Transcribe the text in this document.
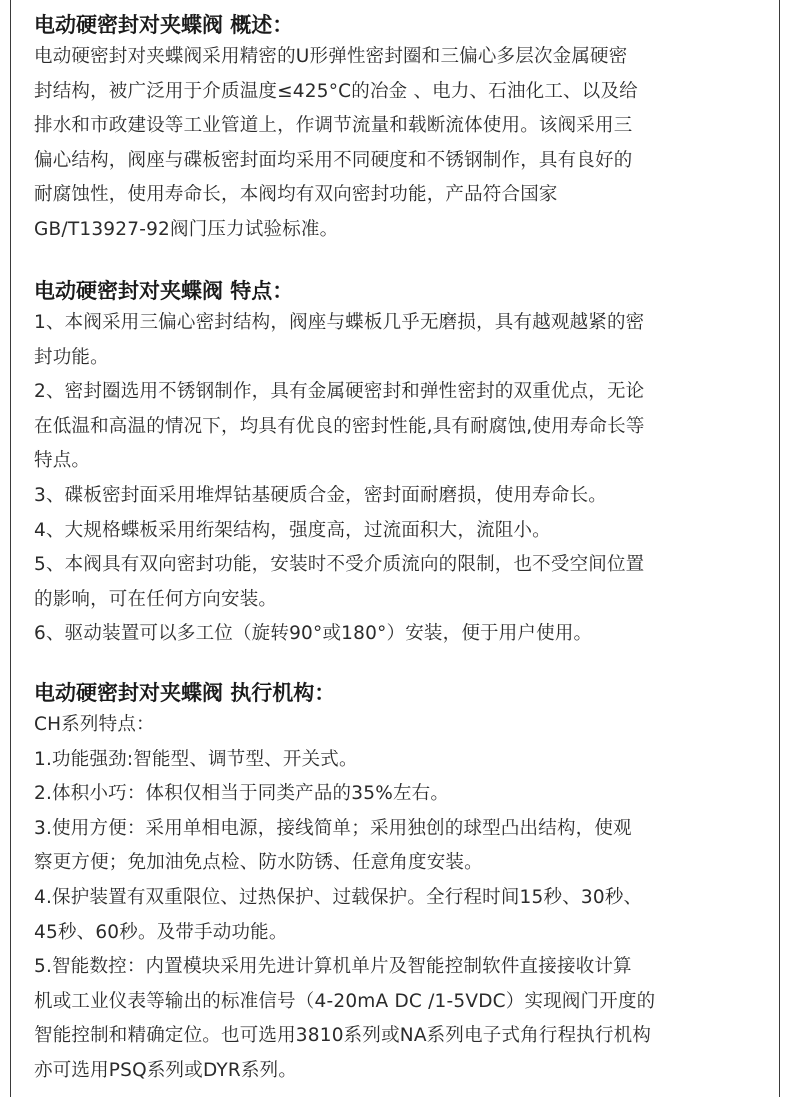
电动硬密封对夹蝶阀 概述：
电动硬密封对夹蝶阀采用精密的U形弹性密封圈和三偏心多层次金属硬密
封结构，被广泛用于介质温度≤425°C的冶金 、电力、石油化工、以及给
排水和市政建设等工业管道上，作调节流量和载断流体使用。该阀采用三
偏心结构，阀座与碟板密封面均采用不同硬度和不锈钢制作，具有良好的
耐腐蚀性，使用寿命长，本阀均有双向密封功能，产品符合国家
GB/T13927-92阀门压力试验标准。
电动硬密封对夹蝶阀 特点：
1、本阀采用三偏心密封结构，阀座与蝶板几乎无磨损，具有越观越紧的密
封功能。
2、密封圈选用不锈钢制作，具有金属硬密封和弹性密封的双重优点，无论
在低温和高温的情况下，均具有优良的密封性能,具有耐腐蚀,使用寿命长等
特点。
3、碟板密封面采用堆焊钴基硬质合金，密封面耐磨损，使用寿命长。
4、大规格蝶板采用绗架结构，强度高，过流面积大，流阻小。
5、本阀具有双向密封功能，安装时不受介质流向的限制，也不受空间位置
的影响，可在任何方向安装。
6、驱动装置可以多工位（旋转90°或180°）安装，便于用户使用。
电动硬密封对夹蝶阀 执行机构：
CH系列特点：
1.功能强劲:智能型、调节型、开关式。
2.体积小巧：体积仅相当于同类产品的35%左右。
3.使用方便：采用单相电源，接线简单；采用独创的球型凸出结构，使观
察更方便；免加油免点检、防水防锈、任意角度安装。
4.保护装置有双重限位、过热保护、过载保护。全行程时间15秒、30秒、
45秒、60秒。及带手动功能。
5.智能数控：内置模块采用先进计算机单片及智能控制软件直接接收计算
机或工业仪表等输出的标准信号（4-20mA DC /1-5VDC）实现阀门开度的
智能控制和精确定位。也可选用3810系列或NA系列电子式角行程执行机构
亦可选用PSQ系列或DYR系列。
